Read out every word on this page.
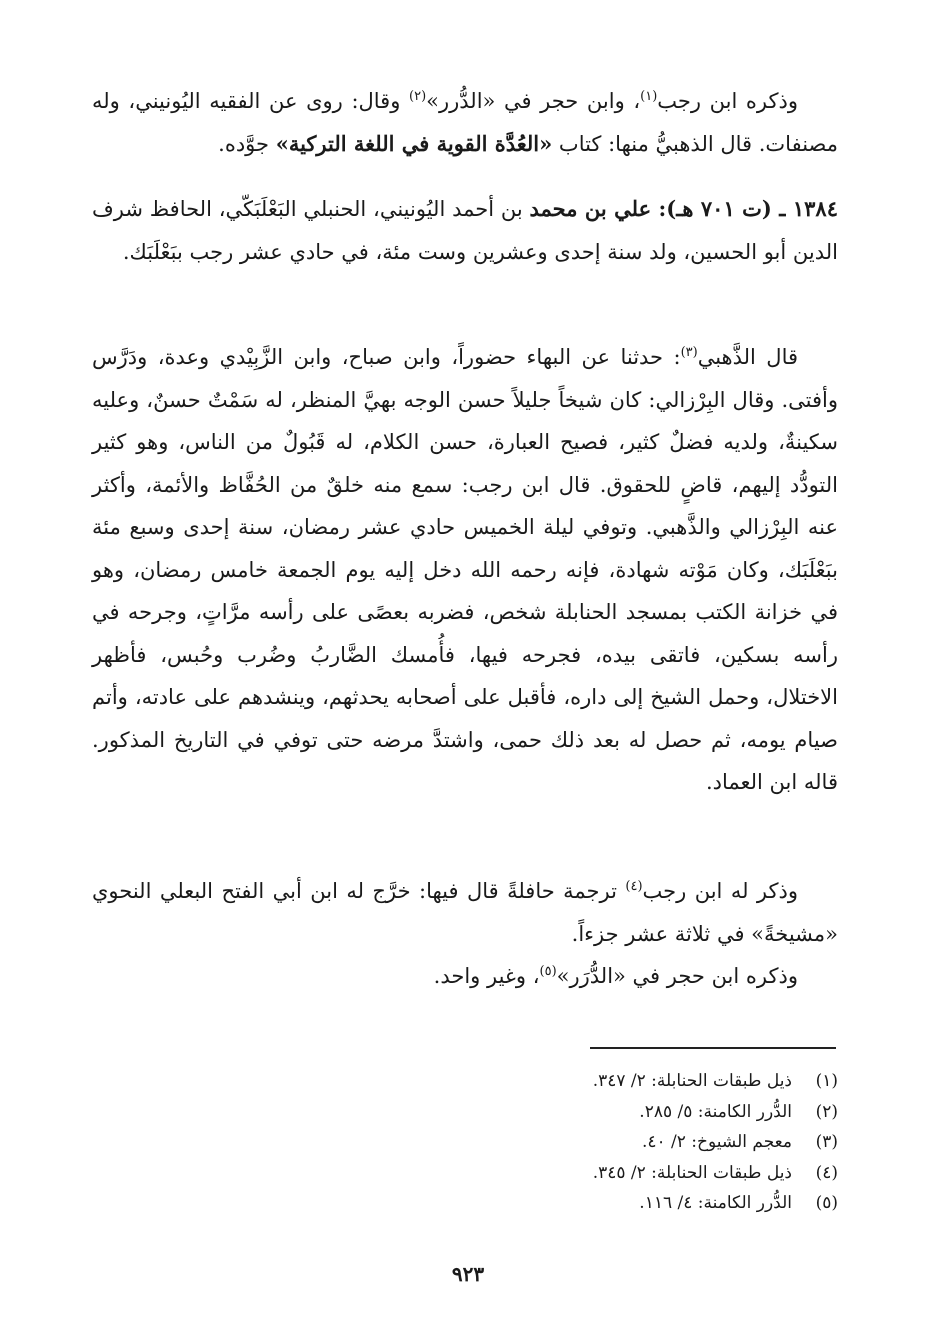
وذكره ابن رجب$^{(١)}$، وابن حجر في «الدُّرر»$^{(٢)}$ وقال: روى عن الفقيه اليُونيني، وله مصنفات. قال الذهبيُّ منها: كتاب «العُدَّة القوية في اللغة التركية» جوَّده.

١٣٨٤ ـ (ت ٧٠١ هـ): علي بن محمد بن أحمد اليُونيني، الحنبلي البَعْلَبَكّي، الحافظ شرف الدين أبو الحسين، ولد سنة إحدى وعشرين وست مئة، في حادي عشر رجب ببَعْلَبَك.

قال الذَّهبي$^{(٣)}$: حدثنا عن البهاء حضوراً، وابن صباح، وابن الزَّبِيْدي وعدة، ودَرَّس وأفتى. وقال البِرْزالي: كان شيخاً جليلاً حسن الوجه بهيَّ المنظر، له سَمْتٌ حسنٌ، وعليه سكينةٌ، ولديه فضلٌ كثير، فصيح العبارة، حسن الكلام، له قَبُولٌ من الناس، وهو كثير التودُّد إليهم، قاضٍ للحقوق. قال ابن رجب: سمع منه خلقٌ من الحُفَّاظ والأئمة، وأكثر عنه البِرْزالي والذَّهبي. وتوفي ليلة الخميس حادي عشر رمضان، سنة إحدى وسبع مئة ببَعْلَبَك، وكان مَوْته شهادة، فإنه رحمه الله دخل إليه يوم الجمعة خامس رمضان، وهو في خزانة الكتب بمسجد الحنابلة شخص، فضربه بعصًى على رأسه مرَّاتٍ، وجرحه في رأسه بسكين، فاتقى بيده، فجرحه فيها، فأُمسك الضَّاربُ وضُرب وحُبس، فأظهر الاختلال، وحمل الشيخ إلى داره، فأقبل على أصحابه يحدثهم، وينشدهم على عادته، وأتم صيام يومه، ثم حصل له بعد ذلك حمى، واشتدَّ مرضه حتى توفي في التاريخ المذكور. قاله ابن العماد.

وذكر له ابن رجب$^{(٤)}$ ترجمة حافلةً قال فيها: خرَّج له ابن أبي الفتح البعلي النحوي «مشيخةً» في ثلاثة عشر جزءاً.

وذكره ابن حجر في «الدُّرَر»$^{(٥)}$، وغير واحد.

(١)ذيل طبقات الحنابلة: ٢/ ٣٤٧.
(٢)الدُّرر الكامنة: ٥/ ٢٨٥.
(٣)معجم الشيوخ: ٢/ ٤٠.
(٤)ذيل طبقات الحنابلة: ٢/ ٣٤٥.
(٥)الدُّرر الكامنة: ٤/ ١١٦.
٩٢٣
